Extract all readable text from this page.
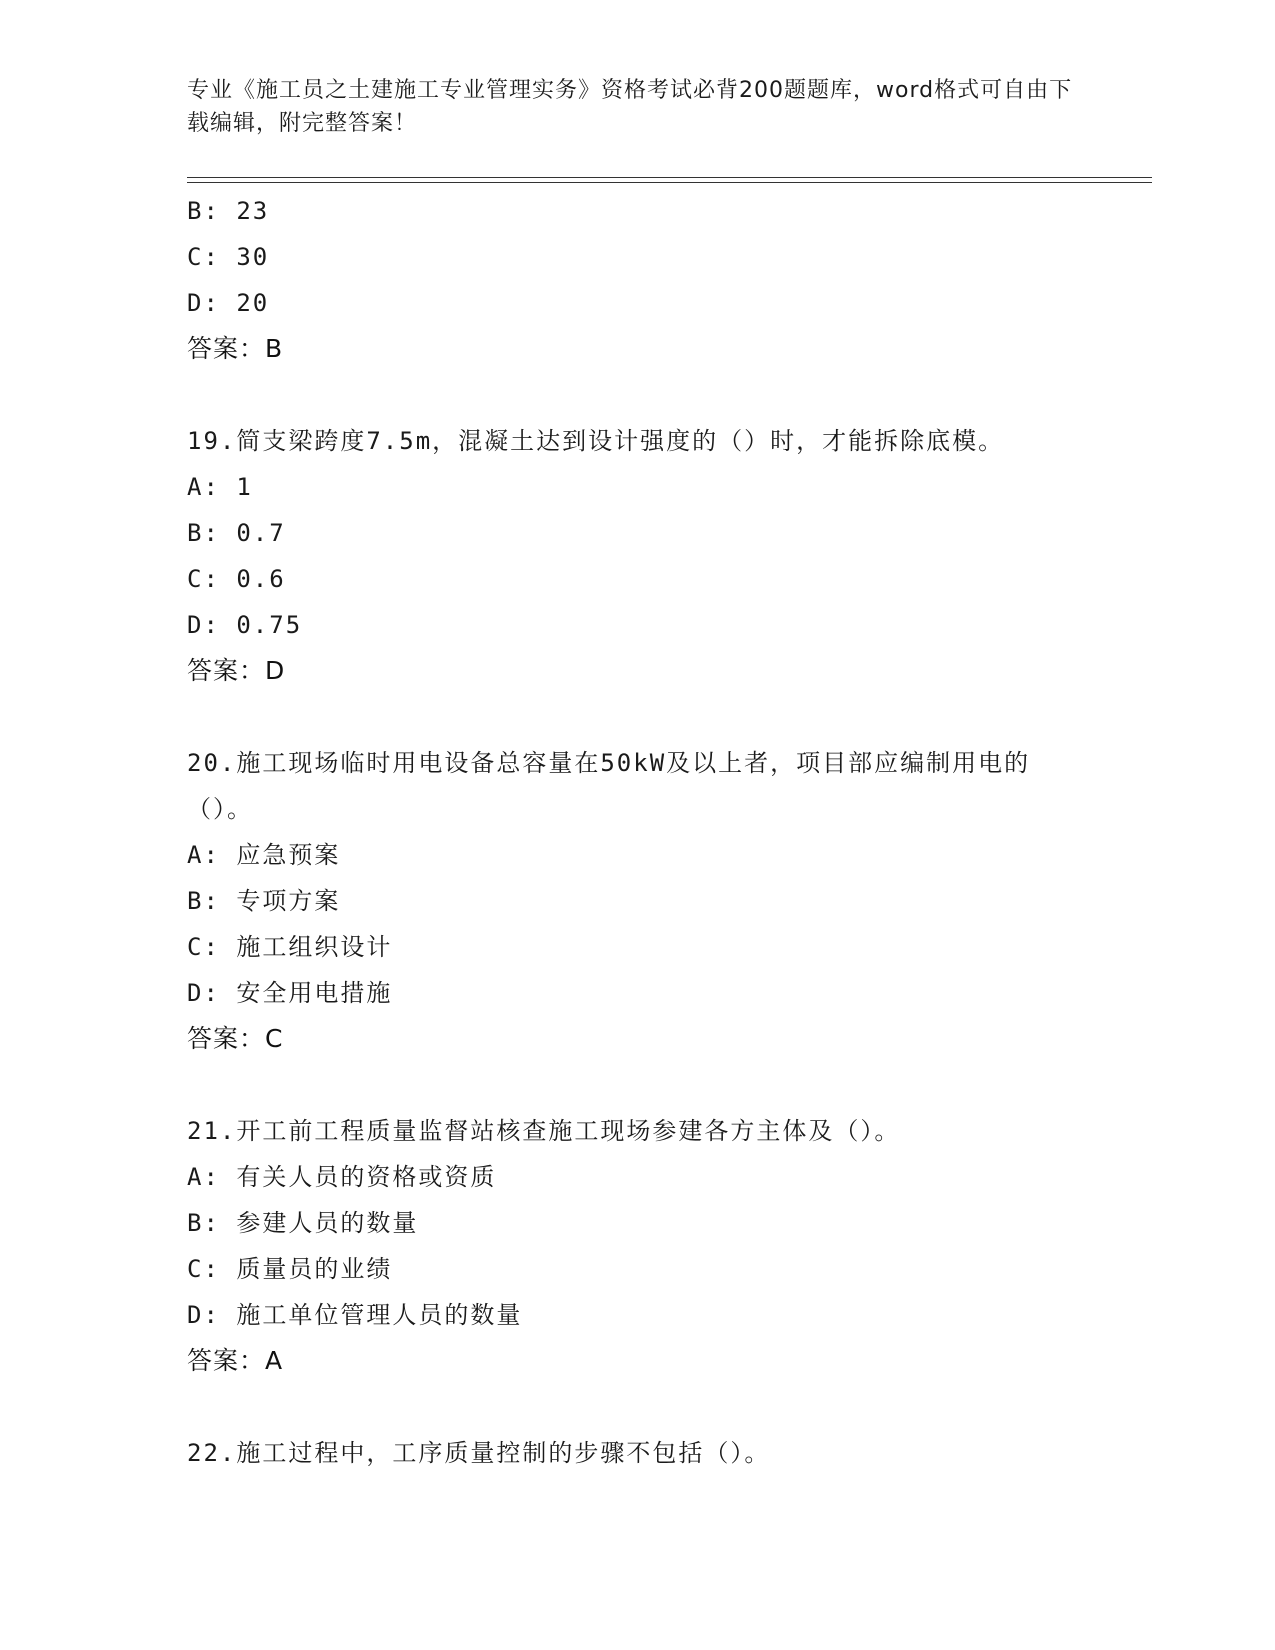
专业《施工员之土建施工专业管理实务》资格考试必背200题题库，word格式可自由下载编辑，附完整答案！
B: 23
C: 30
D: 20
答案：B
19.简支梁跨度7.5m，混凝土达到设计强度的（）时，才能拆除底模。
A: 1
B: 0.7
C: 0.6
D: 0.75
答案：D
20.施工现场临时用电设备总容量在50kW及以上者，项目部应编制用电的（）。
A: 应急预案
B: 专项方案
C: 施工组织设计
D: 安全用电措施
答案：C
21.开工前工程质量监督站核查施工现场参建各方主体及（）。
A: 有关人员的资格或资质
B: 参建人员的数量
C: 质量员的业绩
D: 施工单位管理人员的数量
答案：A
22.施工过程中，工序质量控制的步骤不包括（）。
